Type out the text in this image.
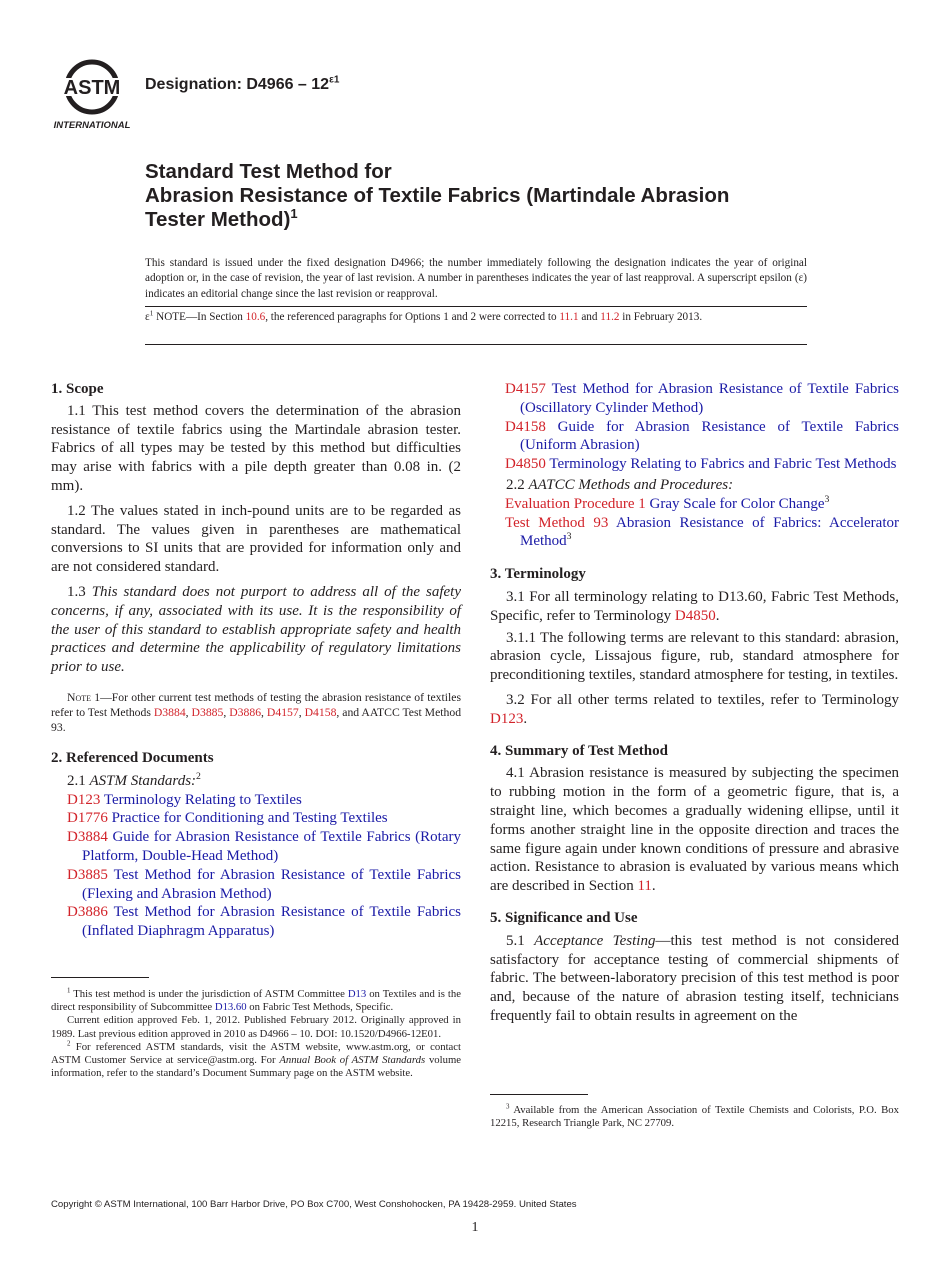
ASTM
INTERNATIONAL
Designation: $D4966 - 12^{\varepsilon 1}$
Standard Test Method for
Abrasion Resistance of Textile Fabrics (Martindale Abrasion
Tester Method)$^1$
This standard is issued under the fixed designation D4966; the number immediately following the designation indicates the year of original adoption or, in the case of revision, the year of last revision. A number in parentheses indicates the year of last reapproval. A superscript epsilon (ε) indicates an editorial change since the last revision or reapproval.
$\varepsilon^1$ NOTE—In Section 10.6, the referenced paragraphs for Options 1 and 2 were corrected to 11.1 and 11.2 in February 2013.

1. Scope

1.1 This test method covers the determination of the abrasion resistance of textile fabrics using the Martindale abrasion tester. Fabrics of all types may be tested by this method but difficulties may arise with fabrics with a pile depth greater than 0.08 in. (2 mm).

1.2 The values stated in inch-pound units are to be regarded as standard. The values given in parentheses are mathematical conversions to SI units that are provided for information only and are not considered standard.

1.3 This standard does not purport to address all of the safety concerns, if any, associated with its use. It is the responsibility of the user of this standard to establish appropriate safety and health practices and determine the applicability of regulatory limitations prior to use.

Note 1—For other current test methods of testing the abrasion resistance of textiles refer to Test Methods D3884, D3885, D3886, D4157, D4158, and AATCC Test Method 93.

2. Referenced Documents

2.1 ASTM Standards:$^2$

D123 Terminology Relating to Textiles

D1776 Practice for Conditioning and Testing Textiles

D3884 Guide for Abrasion Resistance of Textile Fabrics (Rotary Platform, Double-Head Method)

D3885 Test Method for Abrasion Resistance of Textile Fabrics (Flexing and Abrasion Method)

D3886 Test Method for Abrasion Resistance of Textile Fabrics (Inflated Diaphragm Apparatus)

$^1$ This test method is under the jurisdiction of ASTM Committee D13 on Textiles and is the direct responsibility of Subcommittee D13.60 on Fabric Test Methods, Specific.

Current edition approved Feb. 1, 2012. Published February 2012. Originally approved in 1989. Last previous edition approved in 2010 as D4966 – 10. DOI: 10.1520/D4966-12E01.

$^2$ For referenced ASTM standards, visit the ASTM website, www.astm.org, or contact ASTM Customer Service at service@astm.org. For Annual Book of ASTM Standards volume information, refer to the standard’s Document Summary page on the ASTM website.

D4157 Test Method for Abrasion Resistance of Textile Fabrics (Oscillatory Cylinder Method)

D4158 Guide for Abrasion Resistance of Textile Fabrics (Uniform Abrasion)

D4850 Terminology Relating to Fabrics and Fabric Test Methods

2.2 AATCC Methods and Procedures:

Evaluation Procedure 1 Gray Scale for Color Change$^3$

Test Method 93 Abrasion Resistance of Fabrics: Accelerator Method$^3$

3. Terminology

3.1 For all terminology relating to D13.60, Fabric Test Methods, Specific, refer to Terminology D4850.

3.1.1 The following terms are relevant to this standard: abrasion, abrasion cycle, Lissajous figure, rub, standard atmosphere for preconditioning textiles, standard atmosphere for testing, in textiles.

3.2 For all other terms related to textiles, refer to Terminology D123.

4. Summary of Test Method

4.1 Abrasion resistance is measured by subjecting the specimen to rubbing motion in the form of a geometric figure, that is, a straight line, which becomes a gradually widening ellipse, until it forms another straight line in the opposite direction and traces the same figure again under known conditions of pressure and abrasive action. Resistance to abrasion is evaluated by various means which are described in Section 11.

5. Significance and Use

5.1 Acceptance Testing—this test method is not considered satisfactory for acceptance testing of commercial shipments of fabric. The between-laboratory precision of this test method is poor and, because of the nature of abrasion testing itself, technicians frequently fail to obtain results in agreement on the

$^3$ Available from the American Association of Textile Chemists and Colorists, P.O. Box 12215, Research Triangle Park, NC 27709.

Copyright © ASTM International, 100 Barr Harbor Drive, PO Box C700, West Conshohocken, PA 19428-2959. United States
1
